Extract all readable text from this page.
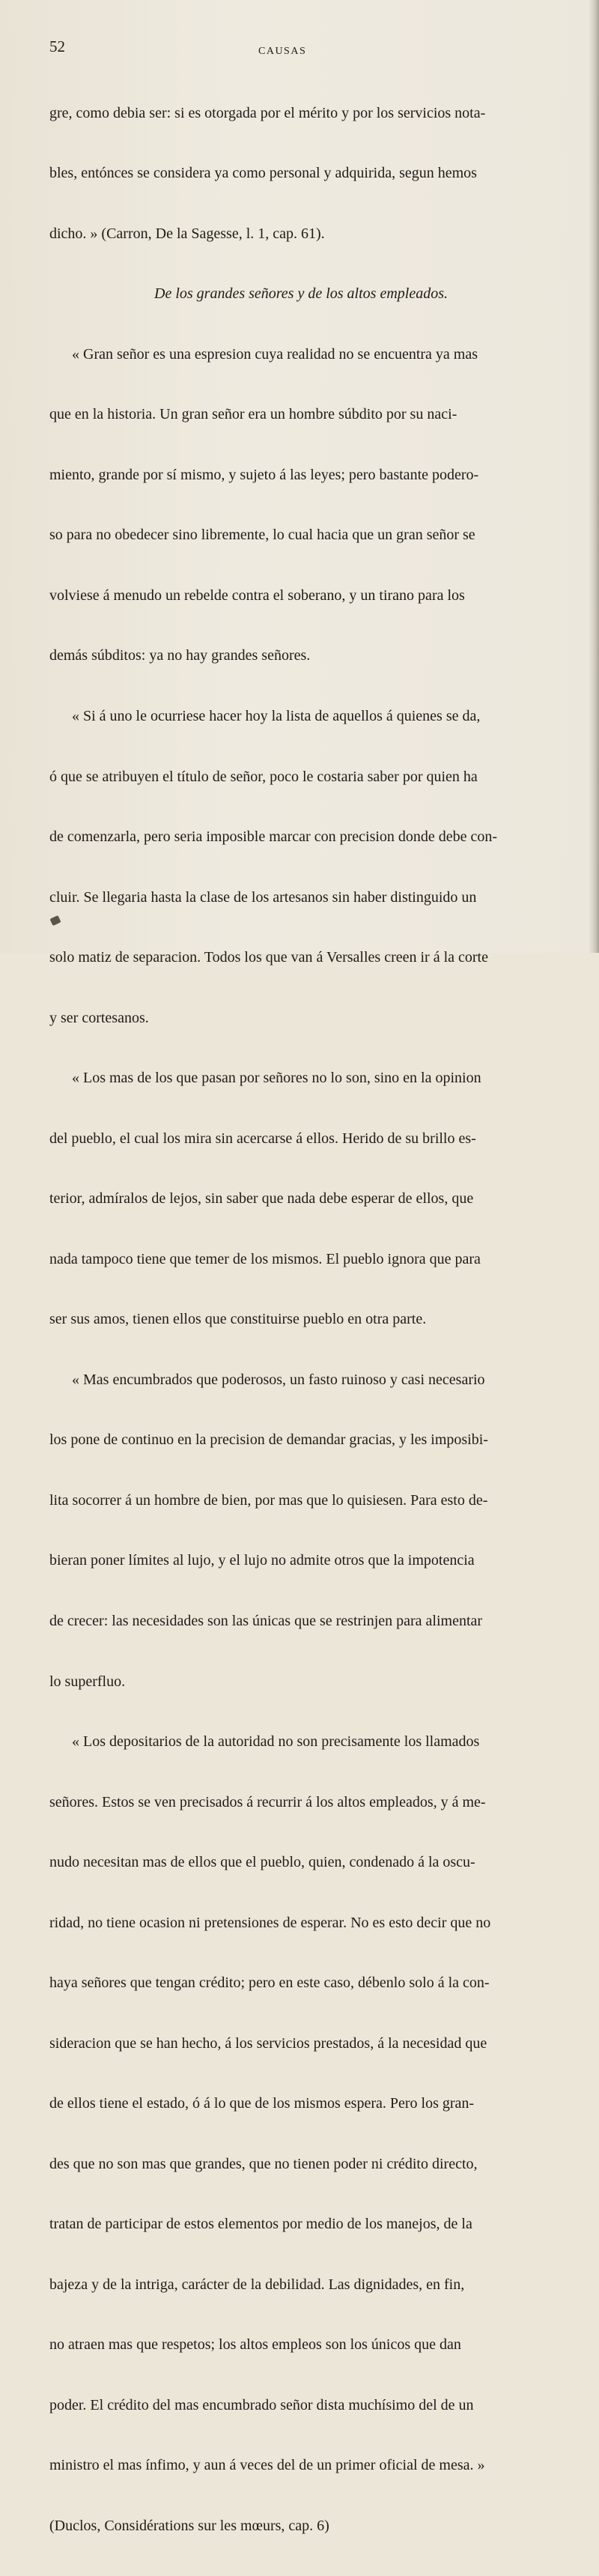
52	CAUSAS

gre, como debia ser: si es otorgada por el mérito y por los servicios nota-

bles, entónces se considera ya como personal y adquirida, segun hemos

dicho. » (Carron, De la Sagesse, l. 1, cap. 61).

De los grandes señores y de los altos empleados.

« Gran señor es una espresion cuya realidad no se encuentra ya mas

que en la historia. Un gran señor era un hombre súbdito por su naci-

miento, grande por sí mismo, y sujeto á las leyes; pero bastante podero-

so para no obedecer sino libremente, lo cual hacia que un gran señor se

volviese á menudo un rebelde contra el soberano, y un tirano para los

demás súbditos: ya no hay grandes señores.

« Si á uno le ocurriese hacer hoy la lista de aquellos á quienes se da,

ó que se atribuyen el título de señor, poco le costaria saber por quien ha

de comenzarla, pero seria imposible marcar con precision donde debe con-

cluir. Se llegaria hasta la clase de los artesanos sin haber distinguido un

solo matiz de separacion. Todos los que van á Versalles creen ir á la corte

y ser cortesanos.

« Los mas de los que pasan por señores no lo son, sino en la opinion

del pueblo, el cual los mira sin acercarse á ellos. Herido de su brillo es-

terior, admíralos de lejos, sin saber que nada debe esperar de ellos, que

nada tampoco tiene que temer de los mismos. El pueblo ignora que para

ser sus amos, tienen ellos que constituirse pueblo en otra parte.

« Mas encumbrados que poderosos, un fasto ruinoso y casi necesario

los pone de continuo en la precision de demandar gracias, y les imposibi-

lita socorrer á un hombre de bien, por mas que lo quisiesen. Para esto de-

bieran poner límites al lujo, y el lujo no admite otros que la impotencia

de crecer: las necesidades son las únicas que se restrinjen para alimentar

lo superfluo.

« Los depositarios de la autoridad no son precisamente los llamados

señores. Estos se ven precisados á recurrir á los altos empleados, y á me-

nudo necesitan mas de ellos que el pueblo, quien, condenado á la oscu-

ridad, no tiene ocasion ni pretensiones de esperar. No es esto decir que no

haya señores que tengan crédito; pero en este caso, débenlo solo á la con-

sideracion que se han hecho, á los servicios prestados, á la necesidad que

de ellos tiene el estado, ó á lo que de los mismos espera. Pero los gran-

des que no son mas que grandes, que no tienen poder ni crédito directo,

tratan de participar de estos elementos por medio de los manejos, de la

bajeza y de la intriga, carácter de la debilidad. Las dignidades, en fin,

no atraen mas que respetos; los altos empleos son los únicos que dan

poder. El crédito del mas encumbrado señor dista muchísimo del de un

ministro el mas ínfimo, y aun á veces del de un primer oficial de mesa. »

(Duclos, Considérations sur les mœurs, cap. 6)
